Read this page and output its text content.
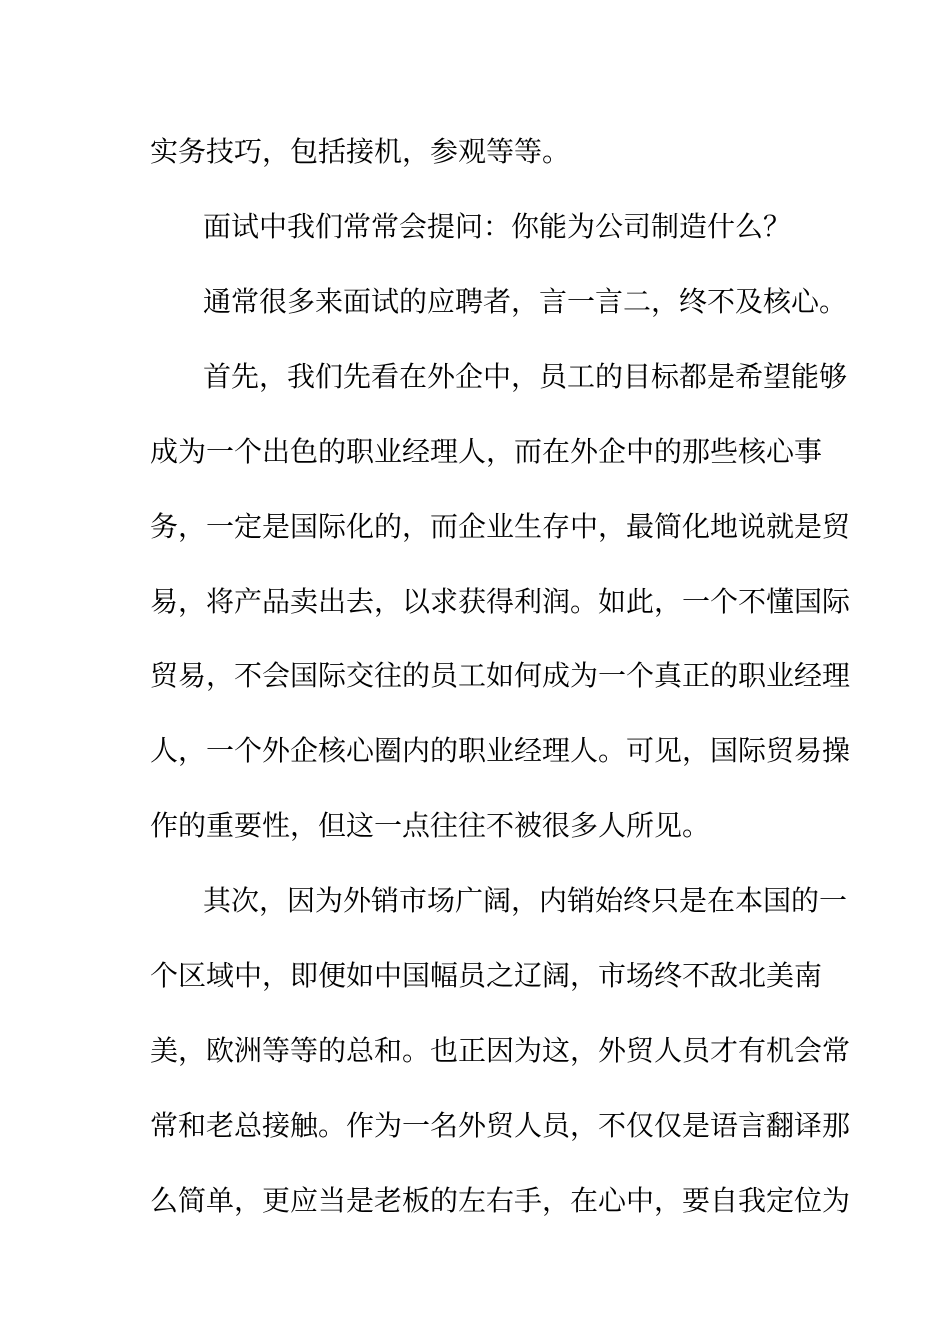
实务技巧，包括接机，参观等等。
面试中我们常常会提问：你能为公司制造什么？
通常很多来面试的应聘者，言一言二，终不及核心。
首先，我们先看在外企中，员工的目标都是希望能够
成为一个出色的职业经理人，而在外企中的那些核心事
务，一定是国际化的，而企业生存中，最简化地说就是贸
易，将产品卖出去，以求获得利润。如此，一个不懂国际
贸易，不会国际交往的员工如何成为一个真正的职业经理
人，一个外企核心圈内的职业经理人。可见，国际贸易操
作的重要性，但这一点往往不被很多人所见。
其次，因为外销市场广阔，内销始终只是在本国的一
个区域中，即便如中国幅员之辽阔，市场终不敌北美南
美，欧洲等等的总和。也正因为这，外贸人员才有机会常
常和老总接触。作为一名外贸人员，不仅仅是语言翻译那
么简单，更应当是老板的左右手，在心中，要自我定位为
